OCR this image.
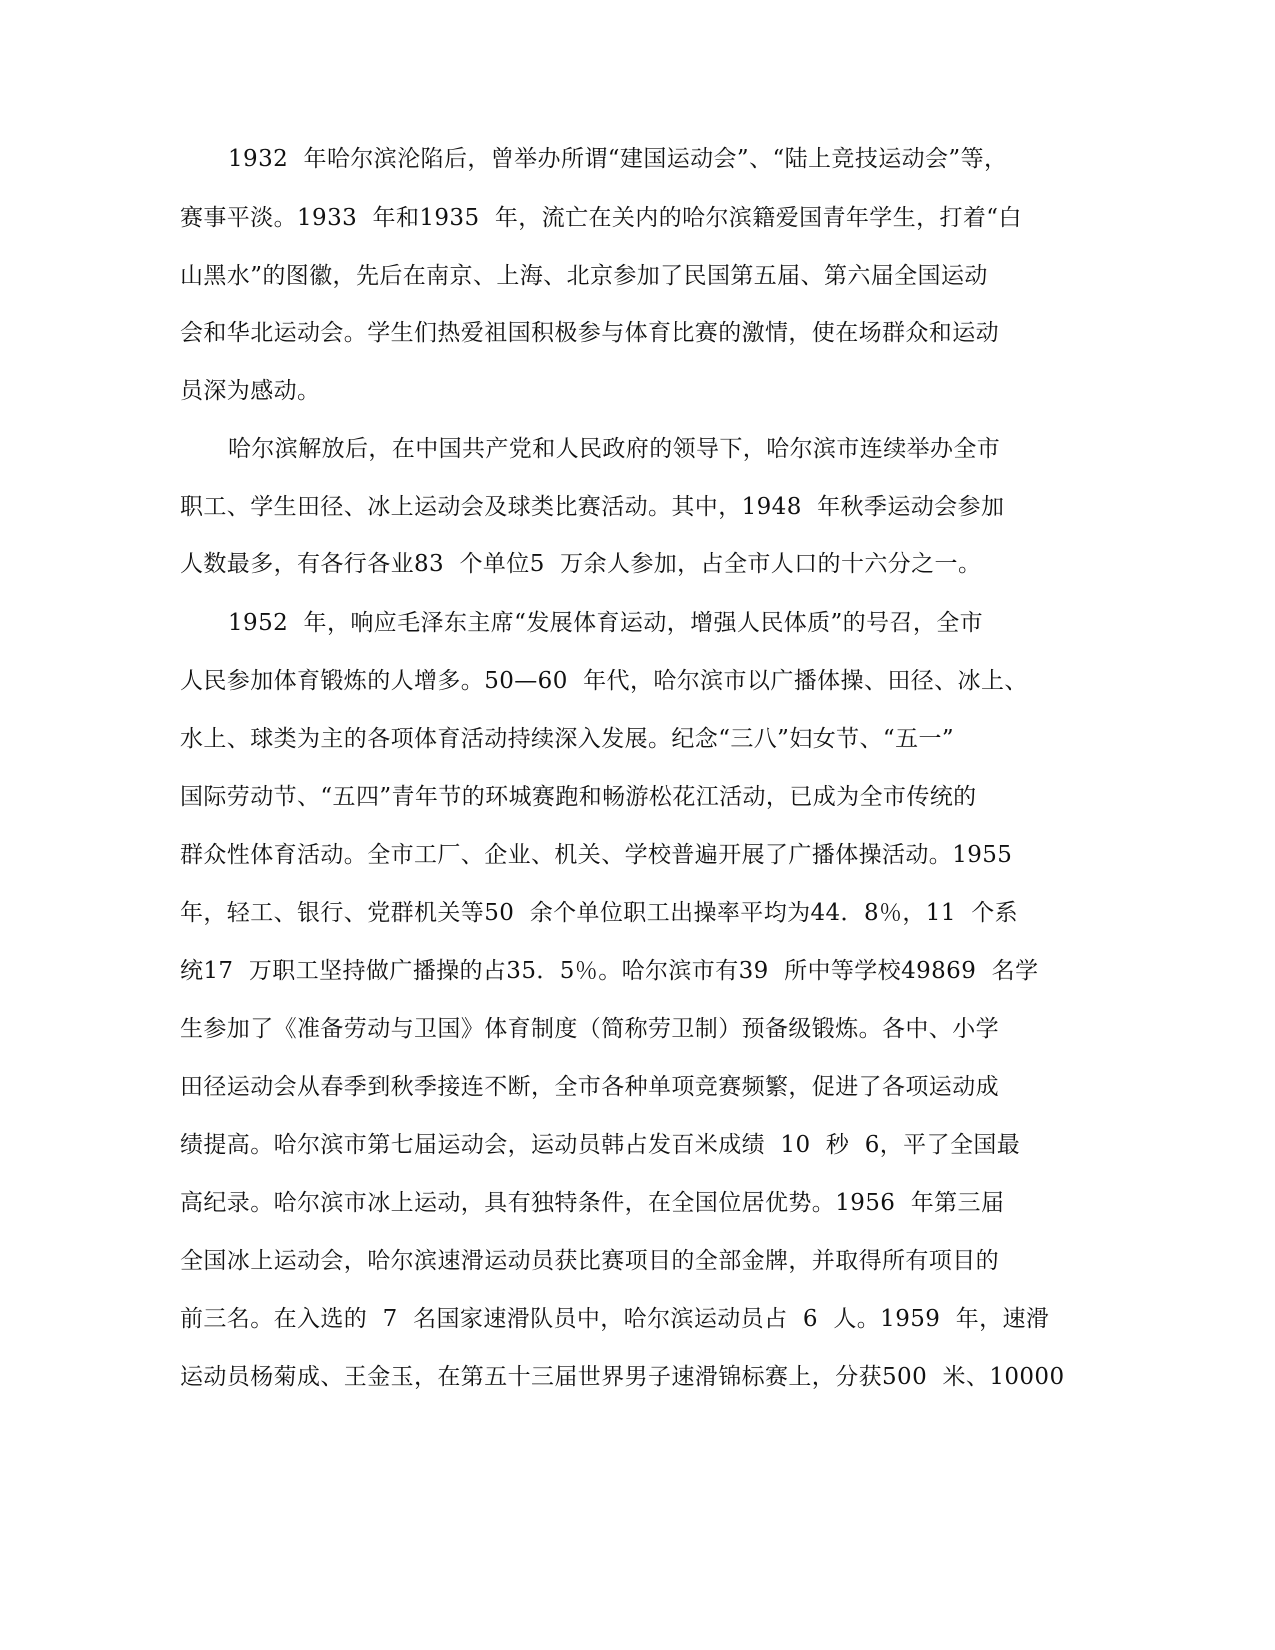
1932  年哈尔滨沦陷后，曾举办所谓“建国运动会”、“陆上竞技运动会”等，
赛事平淡。1933  年和1935  年，流亡在关内的哈尔滨籍爱国青年学生，打着“白
山黑水”的图徽，先后在南京、上海、北京参加了民国第五届、第六届全国运动
会和华北运动会。学生们热爱祖国积极参与体育比赛的激情，使在场群众和运动
员深为感动。
哈尔滨解放后，在中国共产党和人民政府的领导下，哈尔滨市连续举办全市
职工、学生田径、冰上运动会及球类比赛活动。其中，1948  年秋季运动会参加
人数最多，有各行各业83  个单位5  万余人参加，占全市人口的十六分之一。
1952  年，响应毛泽东主席“发展体育运动，增强人民体质”的号召，全市
人民参加体育锻炼的人增多。50—60  年代，哈尔滨市以广播体操、田径、冰上、
水上、球类为主的各项体育活动持续深入发展。纪念“三八”妇女节、“五一”
国际劳动节、“五四”青年节的环城赛跑和畅游松花江活动，已成为全市传统的
群众性体育活动。全市工厂、企业、机关、学校普遍开展了广播体操活动。1955
年，轻工、银行、党群机关等50  余个单位职工出操率平均为44．8％，11  个系
统17  万职工坚持做广播操的占35．5％。哈尔滨市有39  所中等学校49869  名学
生参加了《准备劳动与卫国》体育制度（简称劳卫制）预备级锻炼。各中、小学
田径运动会从春季到秋季接连不断，全市各种单项竞赛频繁，促进了各项运动成
绩提高。哈尔滨市第七届运动会，运动员韩占发百米成绩  10  秒  6，平了全国最
高纪录。哈尔滨市冰上运动，具有独特条件，在全国位居优势。1956  年第三届
全国冰上运动会，哈尔滨速滑运动员获比赛项目的全部金牌，并取得所有项目的
前三名。在入选的  7  名国家速滑队员中，哈尔滨运动员占  6  人。1959  年，速滑
运动员杨菊成、王金玉，在第五十三届世界男子速滑锦标赛上，分获500  米、10000
